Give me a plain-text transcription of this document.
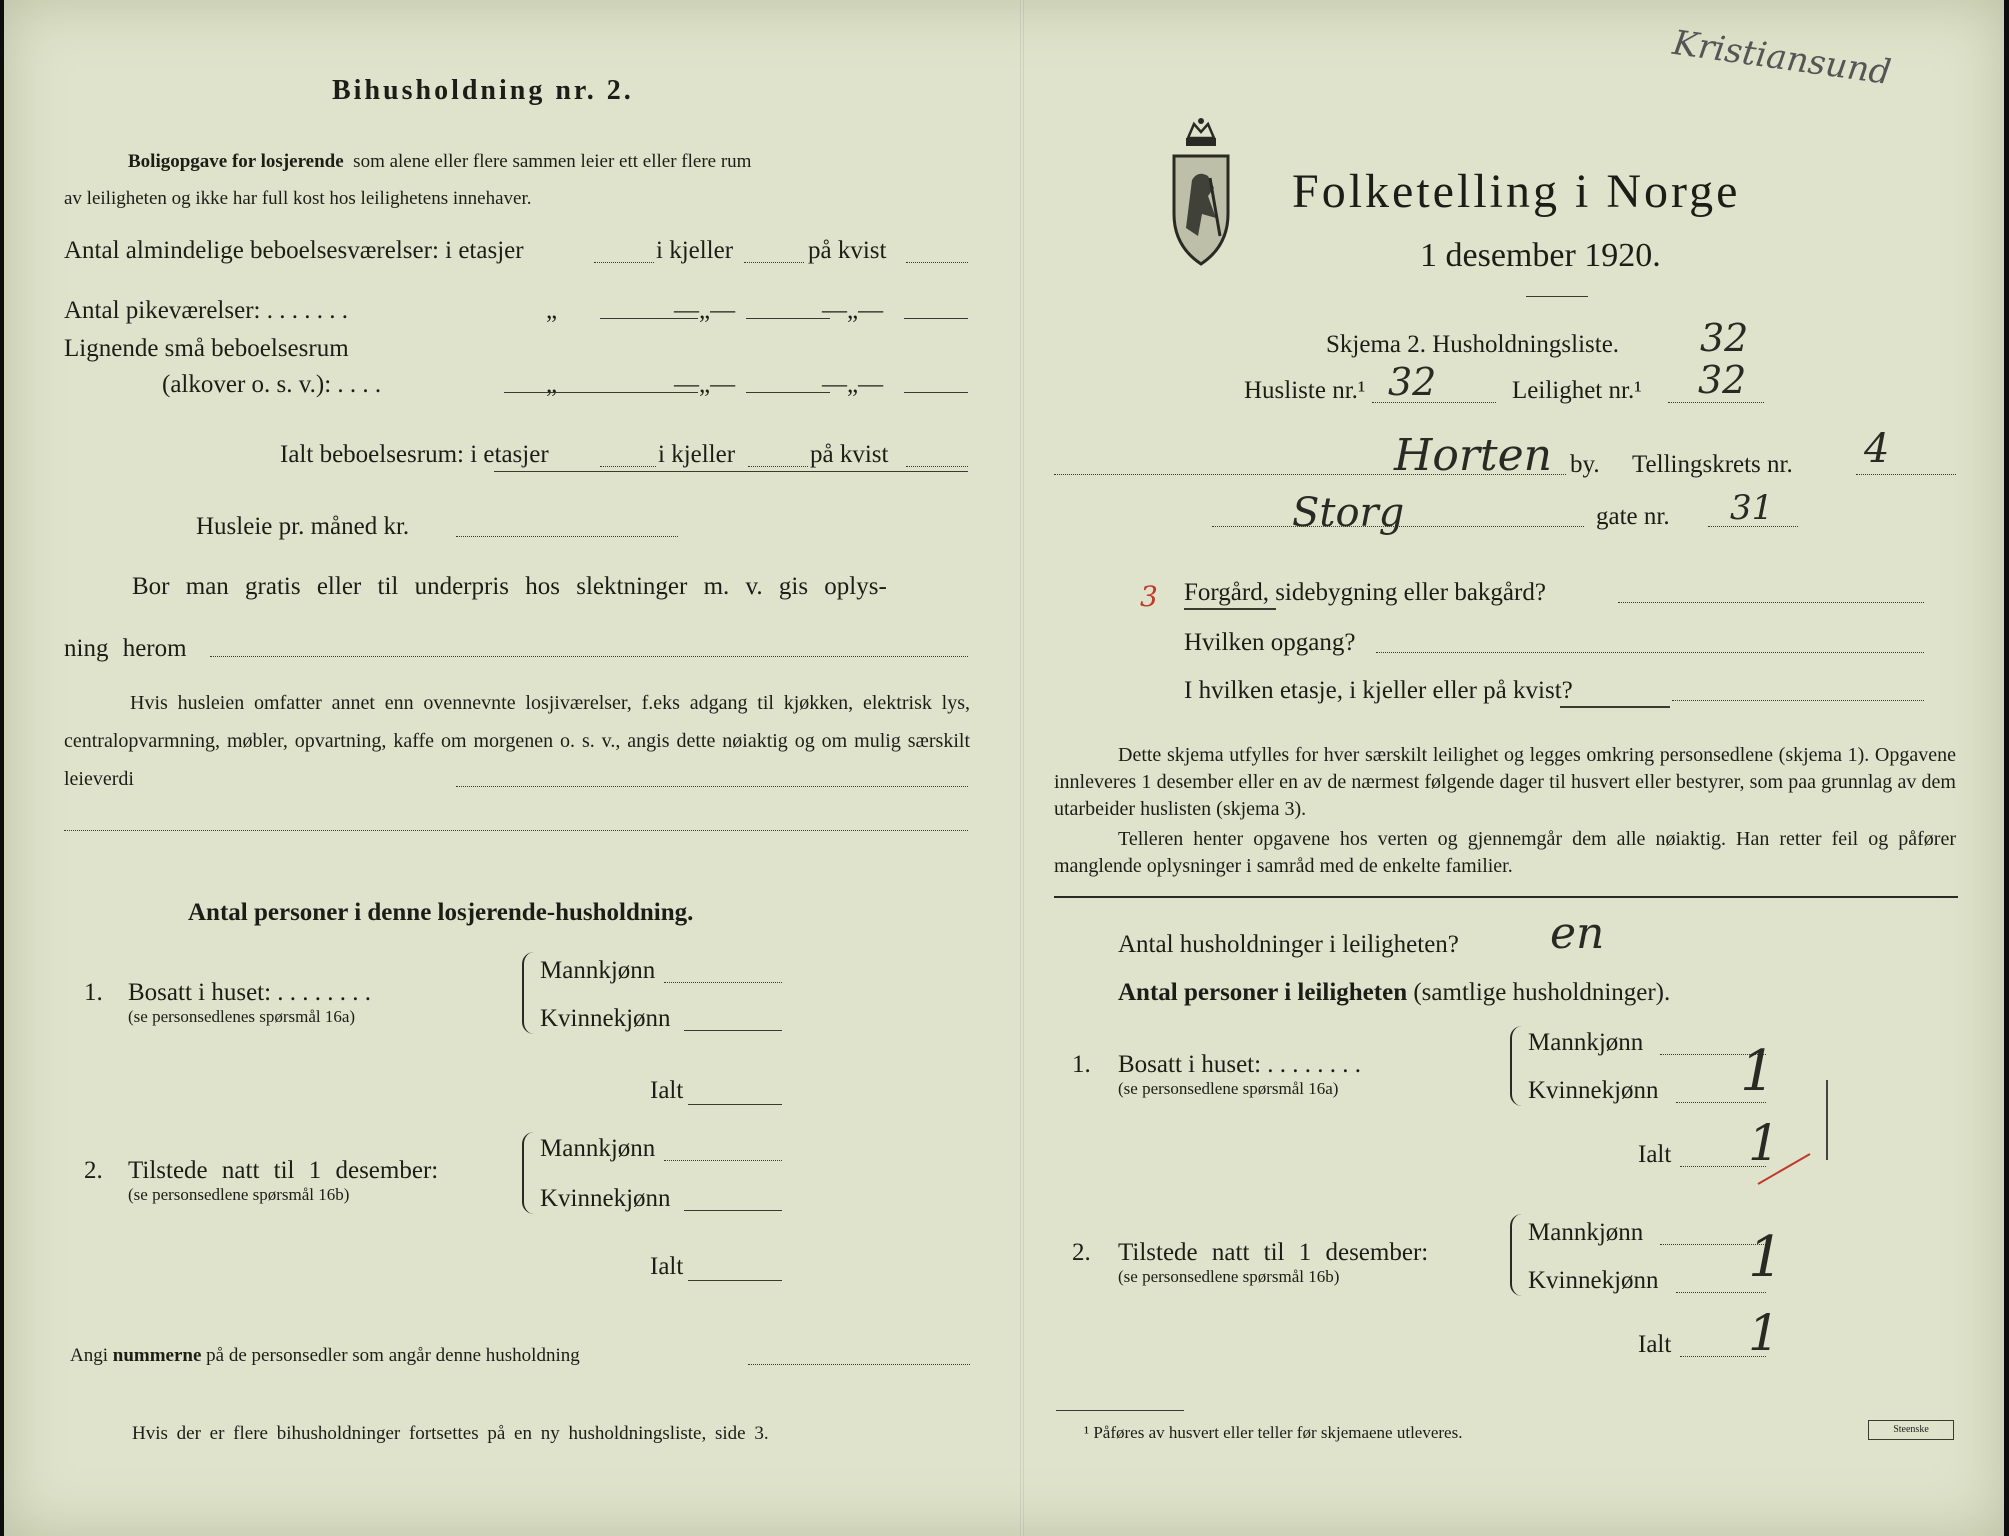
Bihusholdning nr. 2.
Boligopgave for losjerende som alene eller flere sammen leier ett eller flere rum
av leiligheten og ikke har full kost hos leilighetens innehaver.
Antal almindelige beboelsesværelser: i etasjer	i kjeller	på kvist
Antal pikeværelser: . . . . . . .	„	—„—	—„—
Lignende små beboelsesrum
(alkover o. s. v.): . . . .	„	—„—	—„—
Ialt beboelsesrum: i etasjer	i kjeller	på kvist
Husleie pr. måned kr.
Bor man gratis eller til underpris hos slektninger m. v. gis oplys-
ning herom
Hvis husleien omfatter annet enn ovennevnte losjiværelser, f.eks adgang til kjøkken, elektrisk lys, centralopvarmning, møbler, opvartning, kaffe om morgenen o. s. v., angis dette nøiaktig og om mulig særskilt leieverdi
Antal personer i denne losjerende-husholdning.
1. Bosatt i huset: . . . . . . . .
(se personsedlenes spørsmål 16a)
Mannkjønn
Kvinnekjønn
Ialt
2. Tilstede natt til 1 desember:
(se personsedlene spørsmål 16b)
Mannkjønn
Kvinnekjønn
Ialt
Angi nummerne på de personsedler som angår denne husholdning
Hvis der er flere bihusholdninger fortsettes på en ny husholdningsliste, side 3.
Kristiansund
Folketelling i Norge
1 desember 1920.
Skjema 2. Husholdningsliste. 32
Husliste nr.¹ 32	Leilighet nr.¹ 32
Horten by. Tellingskrets nr. 4
Storg	gate nr. 31
3 Forgård, sidebygning eller bakgård?
Hvilken opgang?
I hvilken etasje, i kjeller eller på kvist?
Dette skjema utfylles for hver særskilt leilighet og legges omkring personsedlene (skjema 1). Opgavene innleveres 1 desember eller en av de nærmest følgende dager til husvert eller bestyrer, som paa grunnlag av dem utarbeider huslisten (skjema 3).
Telleren henter opgavene hos verten og gjennemgår dem alle nøiaktig. Han retter feil og påfører manglende oplysninger i samråd med de enkelte familier.
Antal husholdninger i leiligheten? en
Antal personer i leiligheten (samtlige husholdninger).
1. Bosatt i huset: . . . . . . . .
(se personsedlene spørsmål 16a)
Mannkjønn
Kvinnekjønn 1
Ialt 1
2. Tilstede natt til 1 desember:
(se personsedlene spørsmål 16b)
Mannkjønn
Kvinnekjønn 1
Ialt 1
¹ Påføres av husvert eller teller før skjemaene utleveres.	Steenske
